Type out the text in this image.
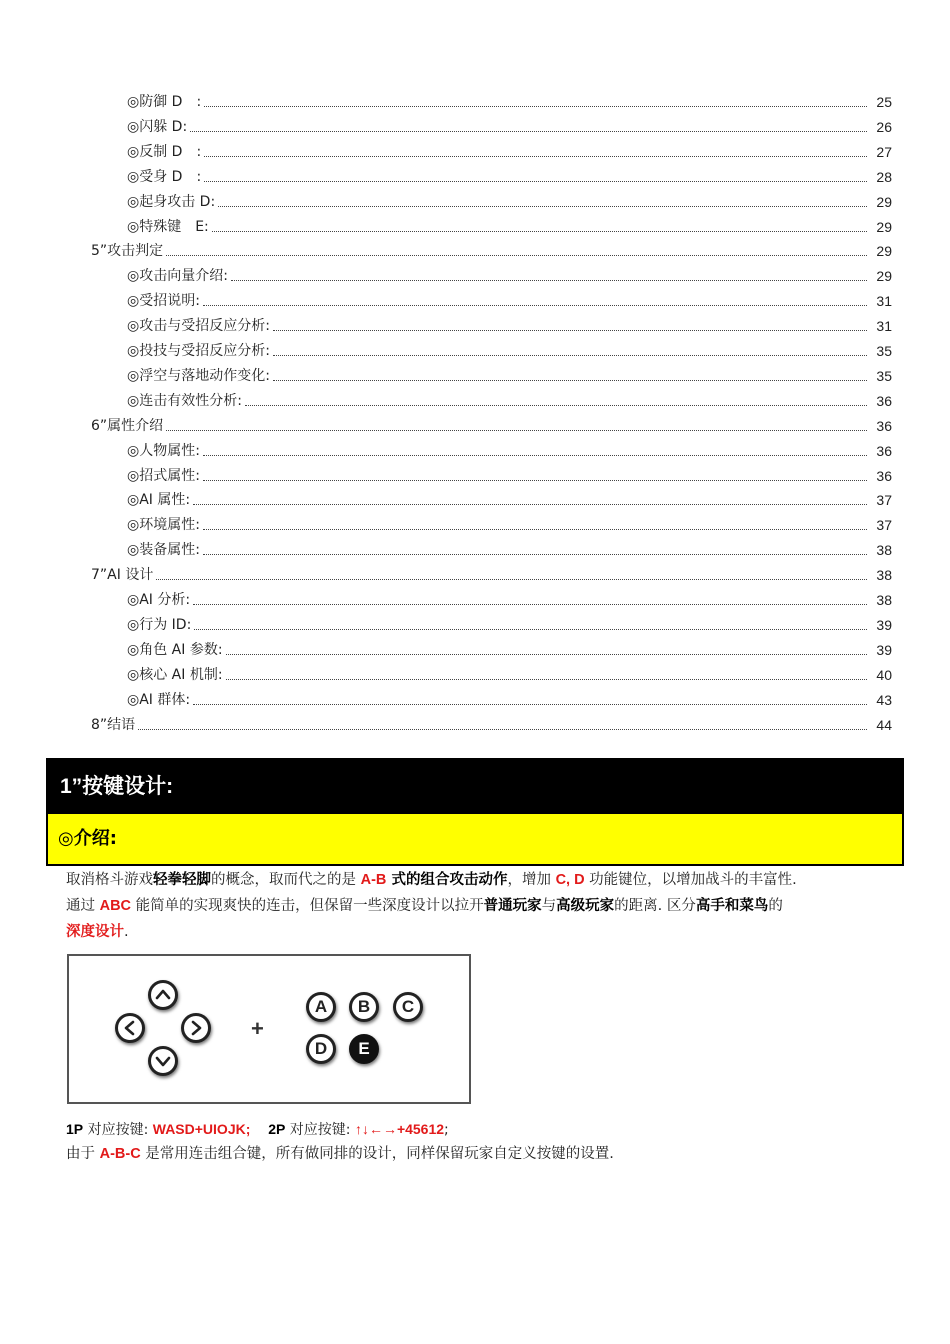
◎防御 D　:	25
◎闪躲 D:	26
◎反制 D　:	27
◎受身 D　:	28
◎起身攻击 D:	29
◎特殊键　E:	29
5”攻击判定	29
◎攻击向量介绍:	29
◎受招说明:	31
◎攻击与受招反应分析:	31
◎投技与受招反应分析:	35
◎浮空与落地动作变化:	35
◎连击有效性分析:	36
6”属性介绍	36
◎人物属性:	36
◎招式属性:	36
◎AI 属性:	37
◎环境属性:	37
◎装备属性:	38
7”AI 设计	38
◎AI 分析:	38
◎行为 ID:	39
◎角色 AI 参数:	39
◎核心 AI 机制:	40
◎AI 群体:	43
8”结语	44
1”按键设计:
◎介绍:
取消格斗游戏轻拳轻脚的概念，取而代之的是 A-B 式的组合攻击动作，增加 C, D 功能键位，以增加战斗的丰富性.
通过 ABC 能简单的实现爽快的连击，但保留一些深度设计以拉开普通玩家与高级玩家的距离. 区分高手和菜鸟的
深度设计.
+
A	B	C
D	E
1P 对应按键: WASD+UIOJK; 2P 对应按键: ↑↓←→+45612;
由于 A-B-C 是常用连击组合键，所有做同排的设计，同样保留玩家自定义按键的设置.
